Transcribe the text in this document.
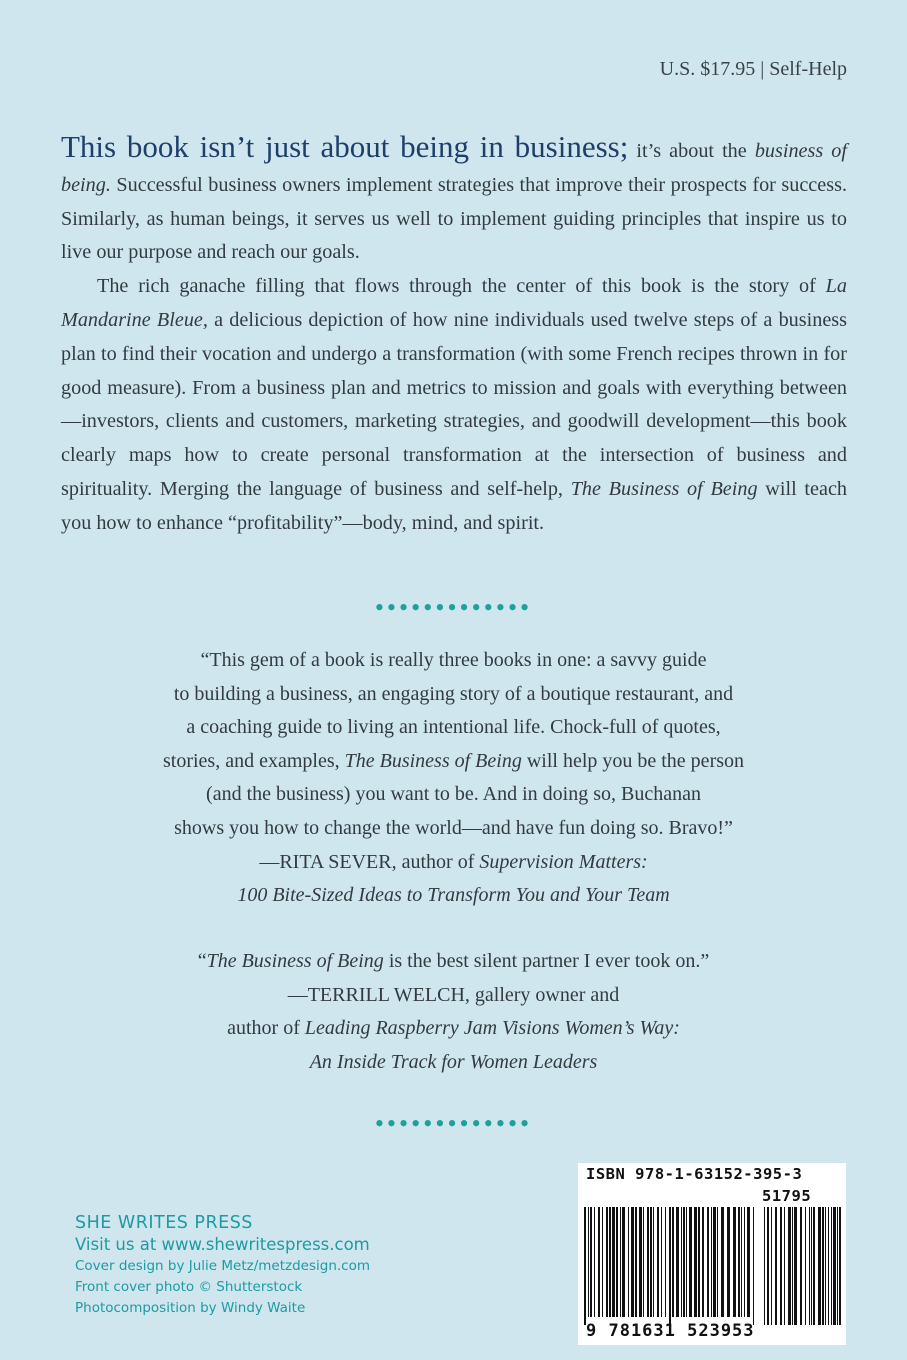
U.S. $17.95 | Self-Help

This book isn’t just about being in business; it’s about the business of being. Successful business owners implement strategies that improve their prospects for success. Similarly, as human beings, it serves us well to implement guiding principles that inspire us to live our purpose and reach our goals.

The rich ganache filling that flows through the center of this book is the story of La Mandarine Bleue, a delicious depiction of how nine individuals used twelve steps of a business plan to find their vocation and undergo a transformation (with some French recipes thrown in for good measure). From a business plan and metrics to mission and goals with everything between—investors, clients and customers, marketing strategies, and goodwill development—this book clearly maps how to create personal transformation at the intersection of business and spirituality. Merging the language of business and self-help, The Business of Being will teach you how to enhance “profitability”—body, mind, and spirit.

•••••••••••••
“This gem of a book is really three books in one: a savvy guide
to building a business, an engaging story of a boutique restaurant, and
a coaching guide to living an intentional life. Chock-full of quotes,
stories, and examples, The Business of Being will help you be the person
(and the business) you want to be. And in doing so, Buchanan
shows you how to change the world—and have fun doing so. Bravo!”
—RITA SEVER, author of Supervision Matters:
100 Bite-Sized Ideas to Transform You and Your Team
“The Business of Being is the best silent partner I ever took on.”
—TERRILL WELCH, gallery owner and
author of Leading Raspberry Jam Visions Women’s Way:
An Inside Track for Women Leaders
•••••••••••••
SHE WRITES PRESS
Visit us at www.shewritespress.com
Cover design by Julie Metz/metzdesign.com
Front cover photo © Shutterstock
Photocomposition by Windy Waite
ISBN 978-1-63152-395-3
51795
9 781631 523953
